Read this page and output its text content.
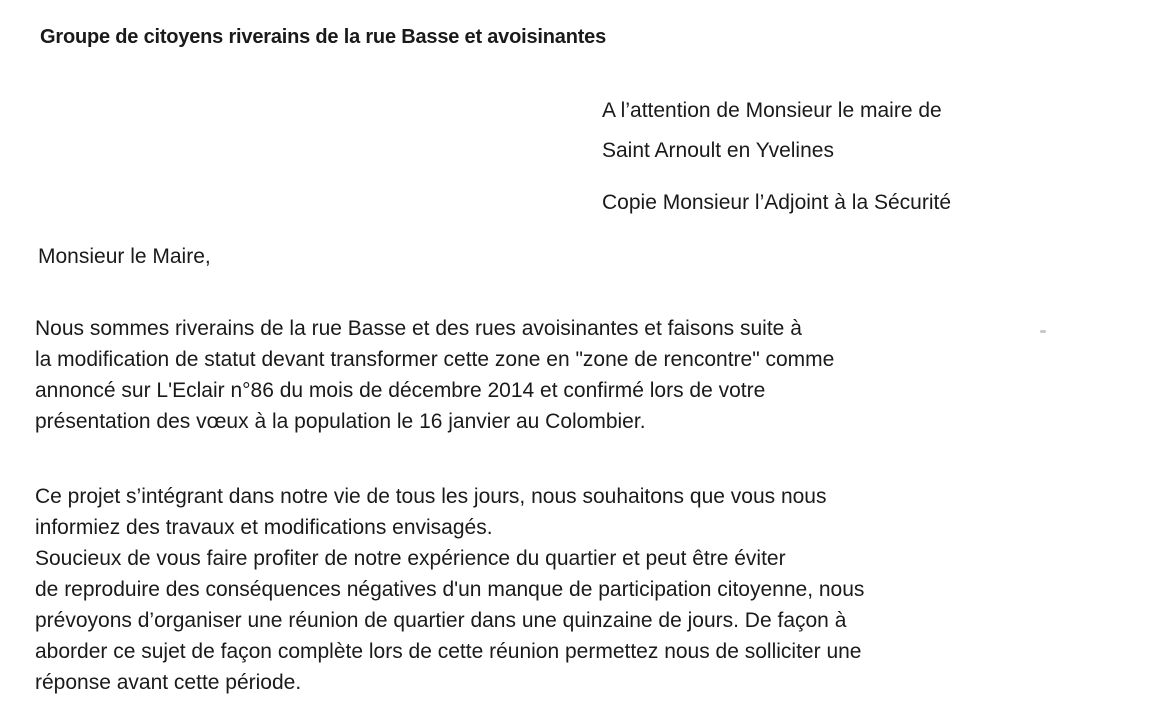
Groupe de citoyens riverains de la rue Basse et avoisinantes
A l’attention de Monsieur le maire de
Saint Arnoult en Yvelines
Copie Monsieur l’Adjoint à la Sécurité
Monsieur le Maire,
Nous sommes riverains de la rue Basse et des rues avoisinantes et faisons suite à
la modification de statut devant transformer cette zone en "zone de rencontre" comme
annoncé sur L'Eclair n°86 du mois de décembre 2014 et confirmé lors de votre
présentation des vœux à la population le 16 janvier au Colombier.
Ce projet s’intégrant dans notre vie de tous les jours, nous souhaitons que vous nous
informiez des travaux et modifications envisagés.
Soucieux de vous faire profiter de notre expérience du quartier et peut être éviter
de reproduire des conséquences négatives d'un manque de participation citoyenne, nous
prévoyons d’organiser une réunion de quartier dans une quinzaine de jours. De façon à
aborder ce sujet de façon complète lors de cette réunion permettez nous de solliciter une
réponse avant cette période.
